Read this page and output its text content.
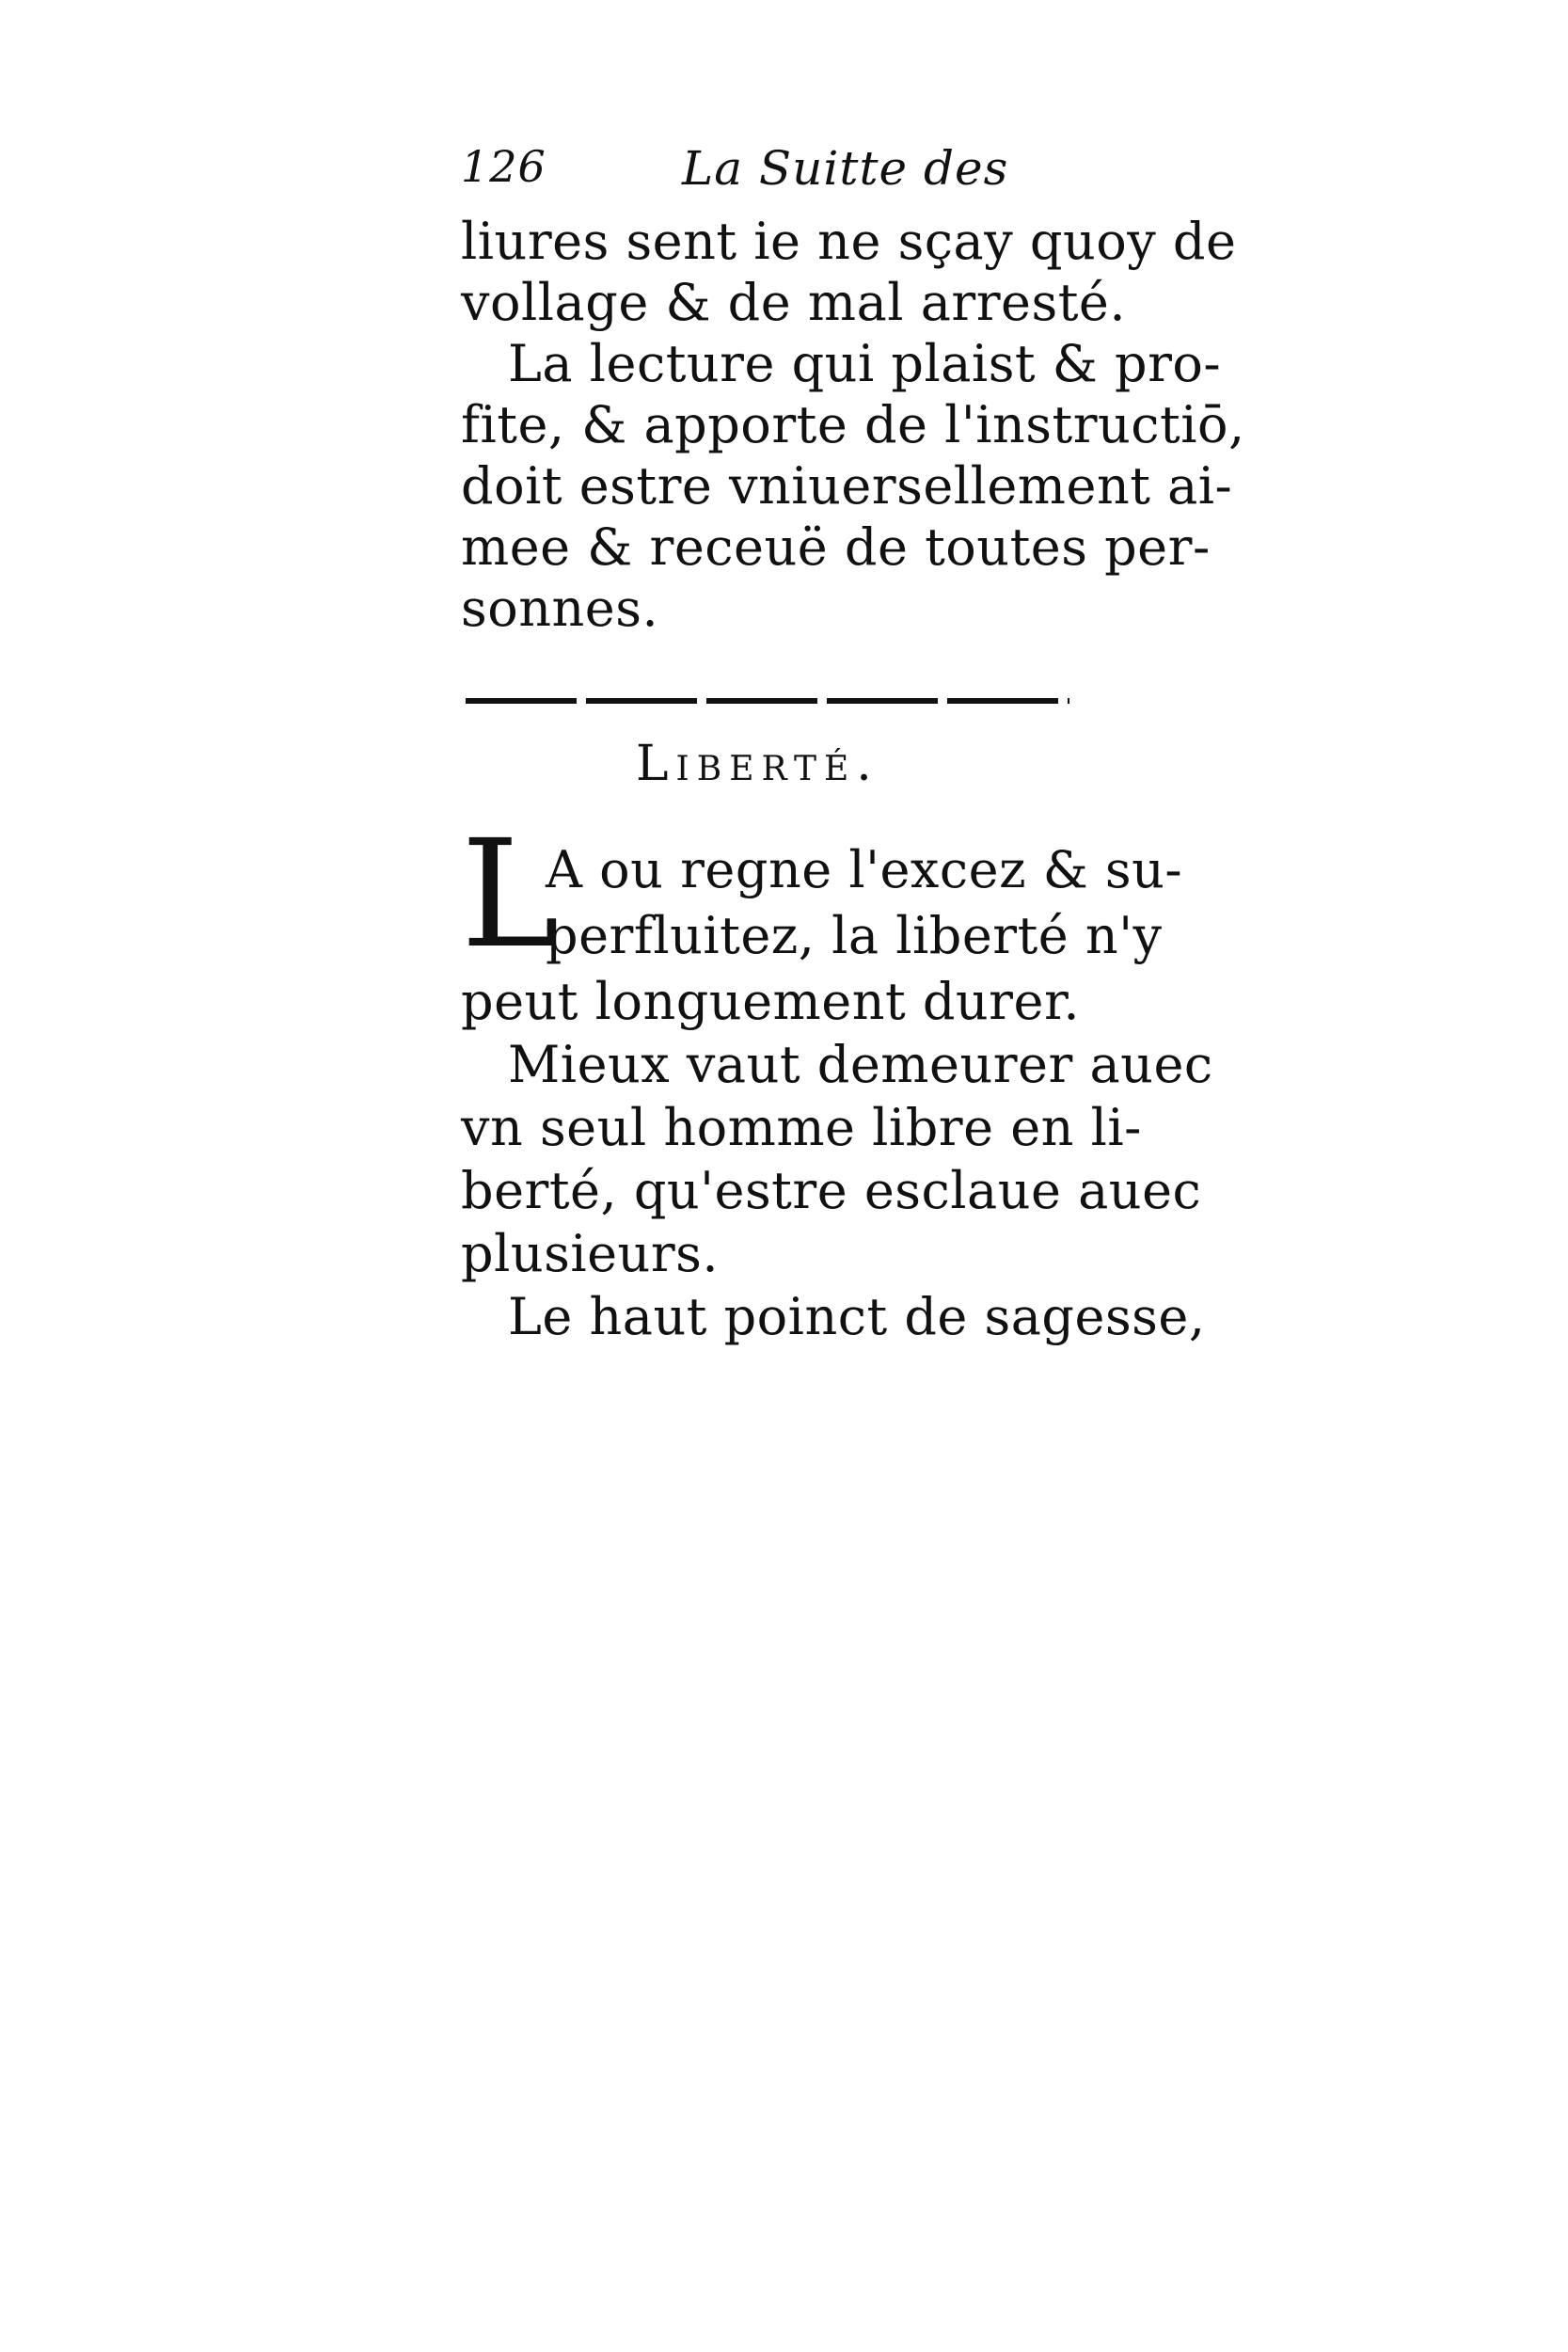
126	La Suitte des
liures sent ie ne sçay quoy de
vollage & de mal arresté.
La lecture qui plaist & pro-
fite, & apporte de l'instructiō,
doit estre vniuersellement ai-
mee & receuë de toutes per-
sonnes.
Liberté.
L
A ou regne l'excez & su-
perfluitez, la liberté n'y
peut longuement durer.
Mieux vaut demeurer auec
vn seul homme libre en li-
berté, qu'estre esclaue auec
plusieurs.
Le haut poinct de sagesse,
